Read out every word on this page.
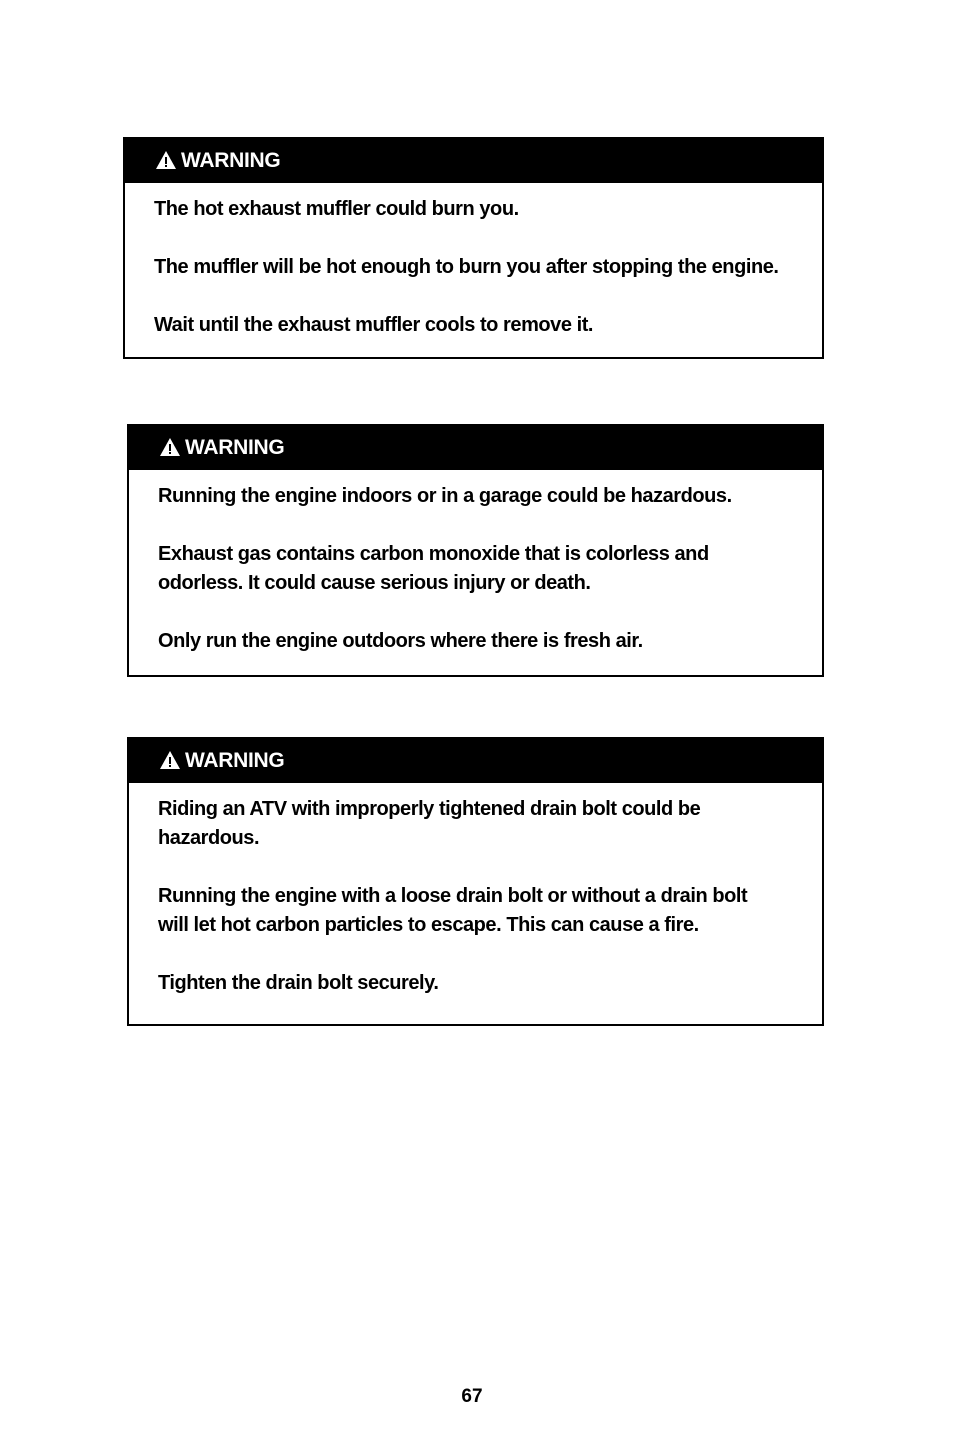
WARNING

The hot exhaust muffler could burn you.

The muffler will be hot enough to burn you after stopping the engine.

Wait until the exhaust muffler cools to remove it.

WARNING

Running the engine indoors or in a garage could be hazardous.

Exhaust gas contains carbon monoxide that is colorless and

odorless. It could cause serious injury or death.

Only run the engine outdoors where there is fresh air.

WARNING

Riding an ATV with improperly tightened drain bolt could be

hazardous.

Running the engine with a loose drain bolt or without a drain bolt

will let hot carbon particles to escape. This can cause a fire.

Tighten the drain bolt securely.

67
